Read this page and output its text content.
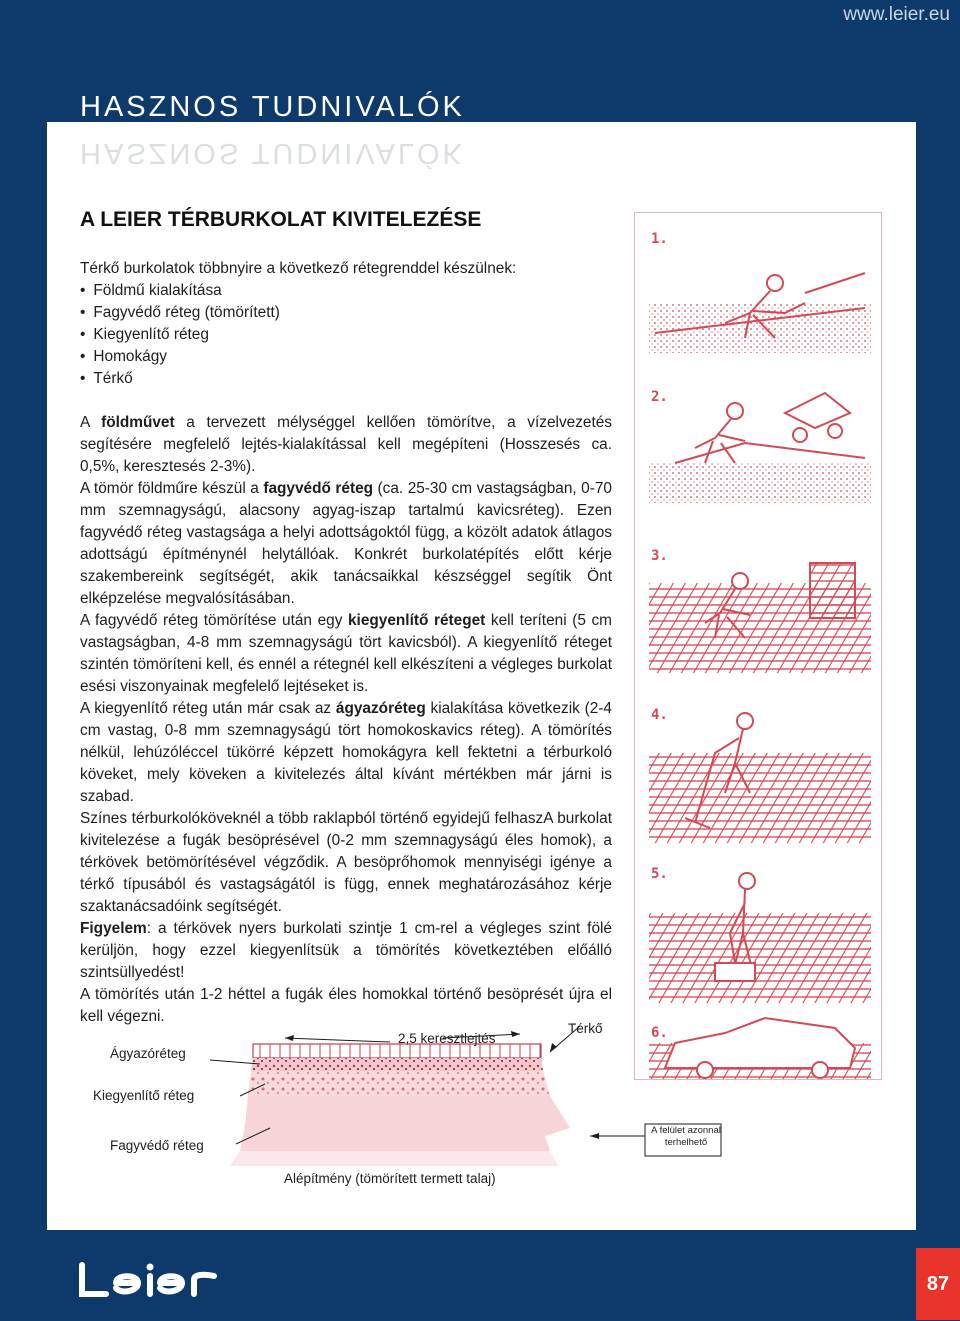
www.leier.eu
HASZNOS TUDNIVALÓK
HASZNOS TUDNIVALÓK
A LEIER TÉRBURKOLAT KIVITELEZÉSE

Térkő burkolatok többnyire a következő rétegrenddel készülnek:

• Földmű kialakítása
• Fagyvédő réteg (tömörített)
• Kiegyenlítő réteg
• Homokágy
• Térkő

A földművet a tervezett mélységgel kellően tömörítve, a vízelvezetés segítésére megfelelő lejtés-kialakítással kell megépíteni (Hosszesés ca. 0,5%, keresztesés 2-3%).

A tömör földműre készül a fagyvédő réteg (ca. 25-30 cm vastagságban, 0-70 mm szemnagyságú, alacsony agyag-iszap tartalmú kavicsréteg). Ezen fagyvédő réteg vastagsága a helyi adottságoktól függ, a közölt adatok átlagos adottságú építménynél helytállóak. Konkrét burkolatépítés előtt kérje szakembereink segítségét, akik tanácsaikkal készséggel segítik Önt elképzelése megvalósításában.

A fagyvédő réteg tömörítése után egy kiegyenlítő réteget kell teríteni (5 cm vastagságban, 4-8 mm szemnagyságú tört kavicsból). A kiegyenlítő réteget szintén tömöríteni kell, és ennél a rétegnél kell elkészíteni a végleges burkolat esési viszonyainak megfelelő lejtéseket is.

A kiegyenlítő réteg után már csak az ágyazóréteg kialakítása következik (2-4 cm vastag, 0-8 mm szemnagyságú tört homokoskavics réteg). A tömörítés nélkül, lehúzóléccel tükörré képzett homokágyra kell fektetni a térburkoló köveket, mely köveken a kivitelezés által kívánt mértékben már járni is szabad.

Színes térburkolóköveknél a több raklapból történő egyidejű felhaszA burkolat kivitelezése a fugák besöprésével (0-2 mm szemnagyságú éles homok), a térkövek betömörítésével végződik. A besöprőhomok mennyiségi igénye a térkő típusából és vastagságától is függ, ennek meghatározásához kérje szaktanácsadóink segítségét.

Figyelem: a térkövek nyers burkolati szintje 1 cm-rel a végleges szint fölé kerüljön, hogy ezzel kiegyenlítsük a tömörítés következtében előálló szintsüllyedést!

A tömörítés után 1-2 héttel a fugák éles homokkal történő besöprését újra el kell végezni.

1.
2.
3.
4.
5.
6.
2,5 keresztlejtés
Térkő
Ágyazóréteg
Kiegyenlítő réteg
Fagyvédő réteg
Alépítmény (tömörített termett talaj)
A felület azonnal terhelhető
87
